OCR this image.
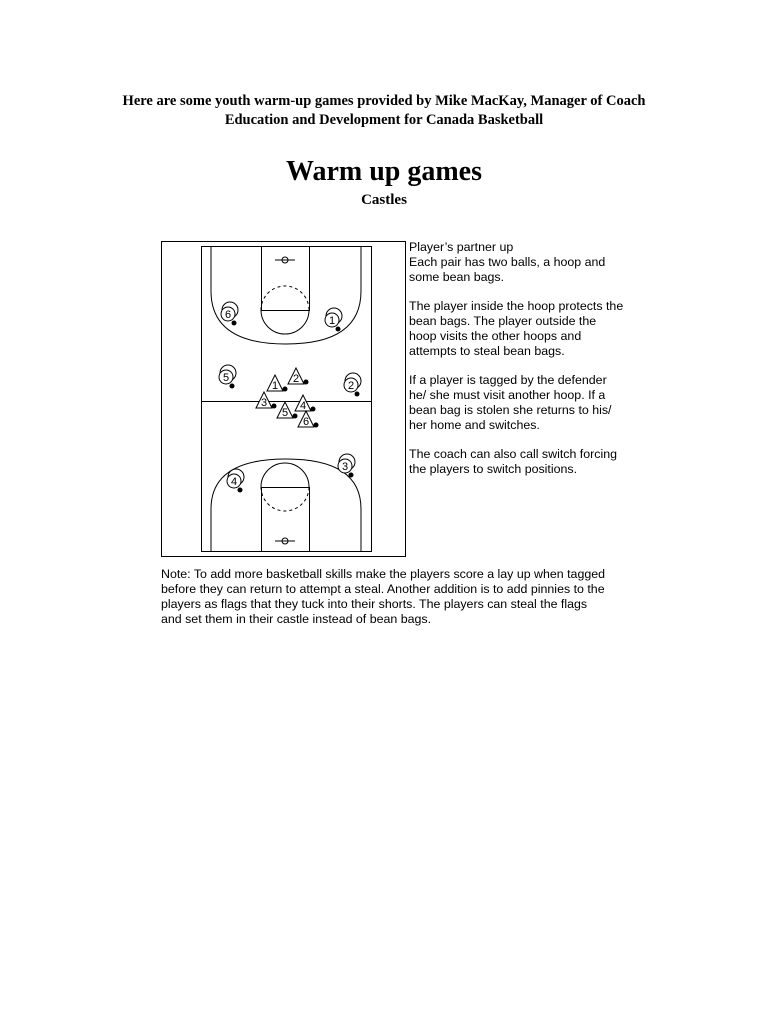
Here are some youth warm-up games provided by Mike MacKay, Manager of Coach Education and Development for Canada Basketball
Warm up games
Castles
6	1
5
2
3
4
1
2
3	4
5
6

Player’s partner up
Each pair has two balls, a hoop and some bean bags.

The player inside the hoop protects the bean bags. The player outside the hoop visits the other hoops and attempts to steal bean bags.

If a player is tagged by the defender he/ she must visit another hoop. If a bean bag is stolen she returns to his/ her home and switches.

The coach can also call switch forcing the players to switch positions.

Note: To add more basketball skills make the players score a lay up when tagged before they can return to attempt a steal. Another addition is to add pinnies to the players as flags that they tuck into their shorts. The players can steal the flags and set them in their castle instead of bean bags.
